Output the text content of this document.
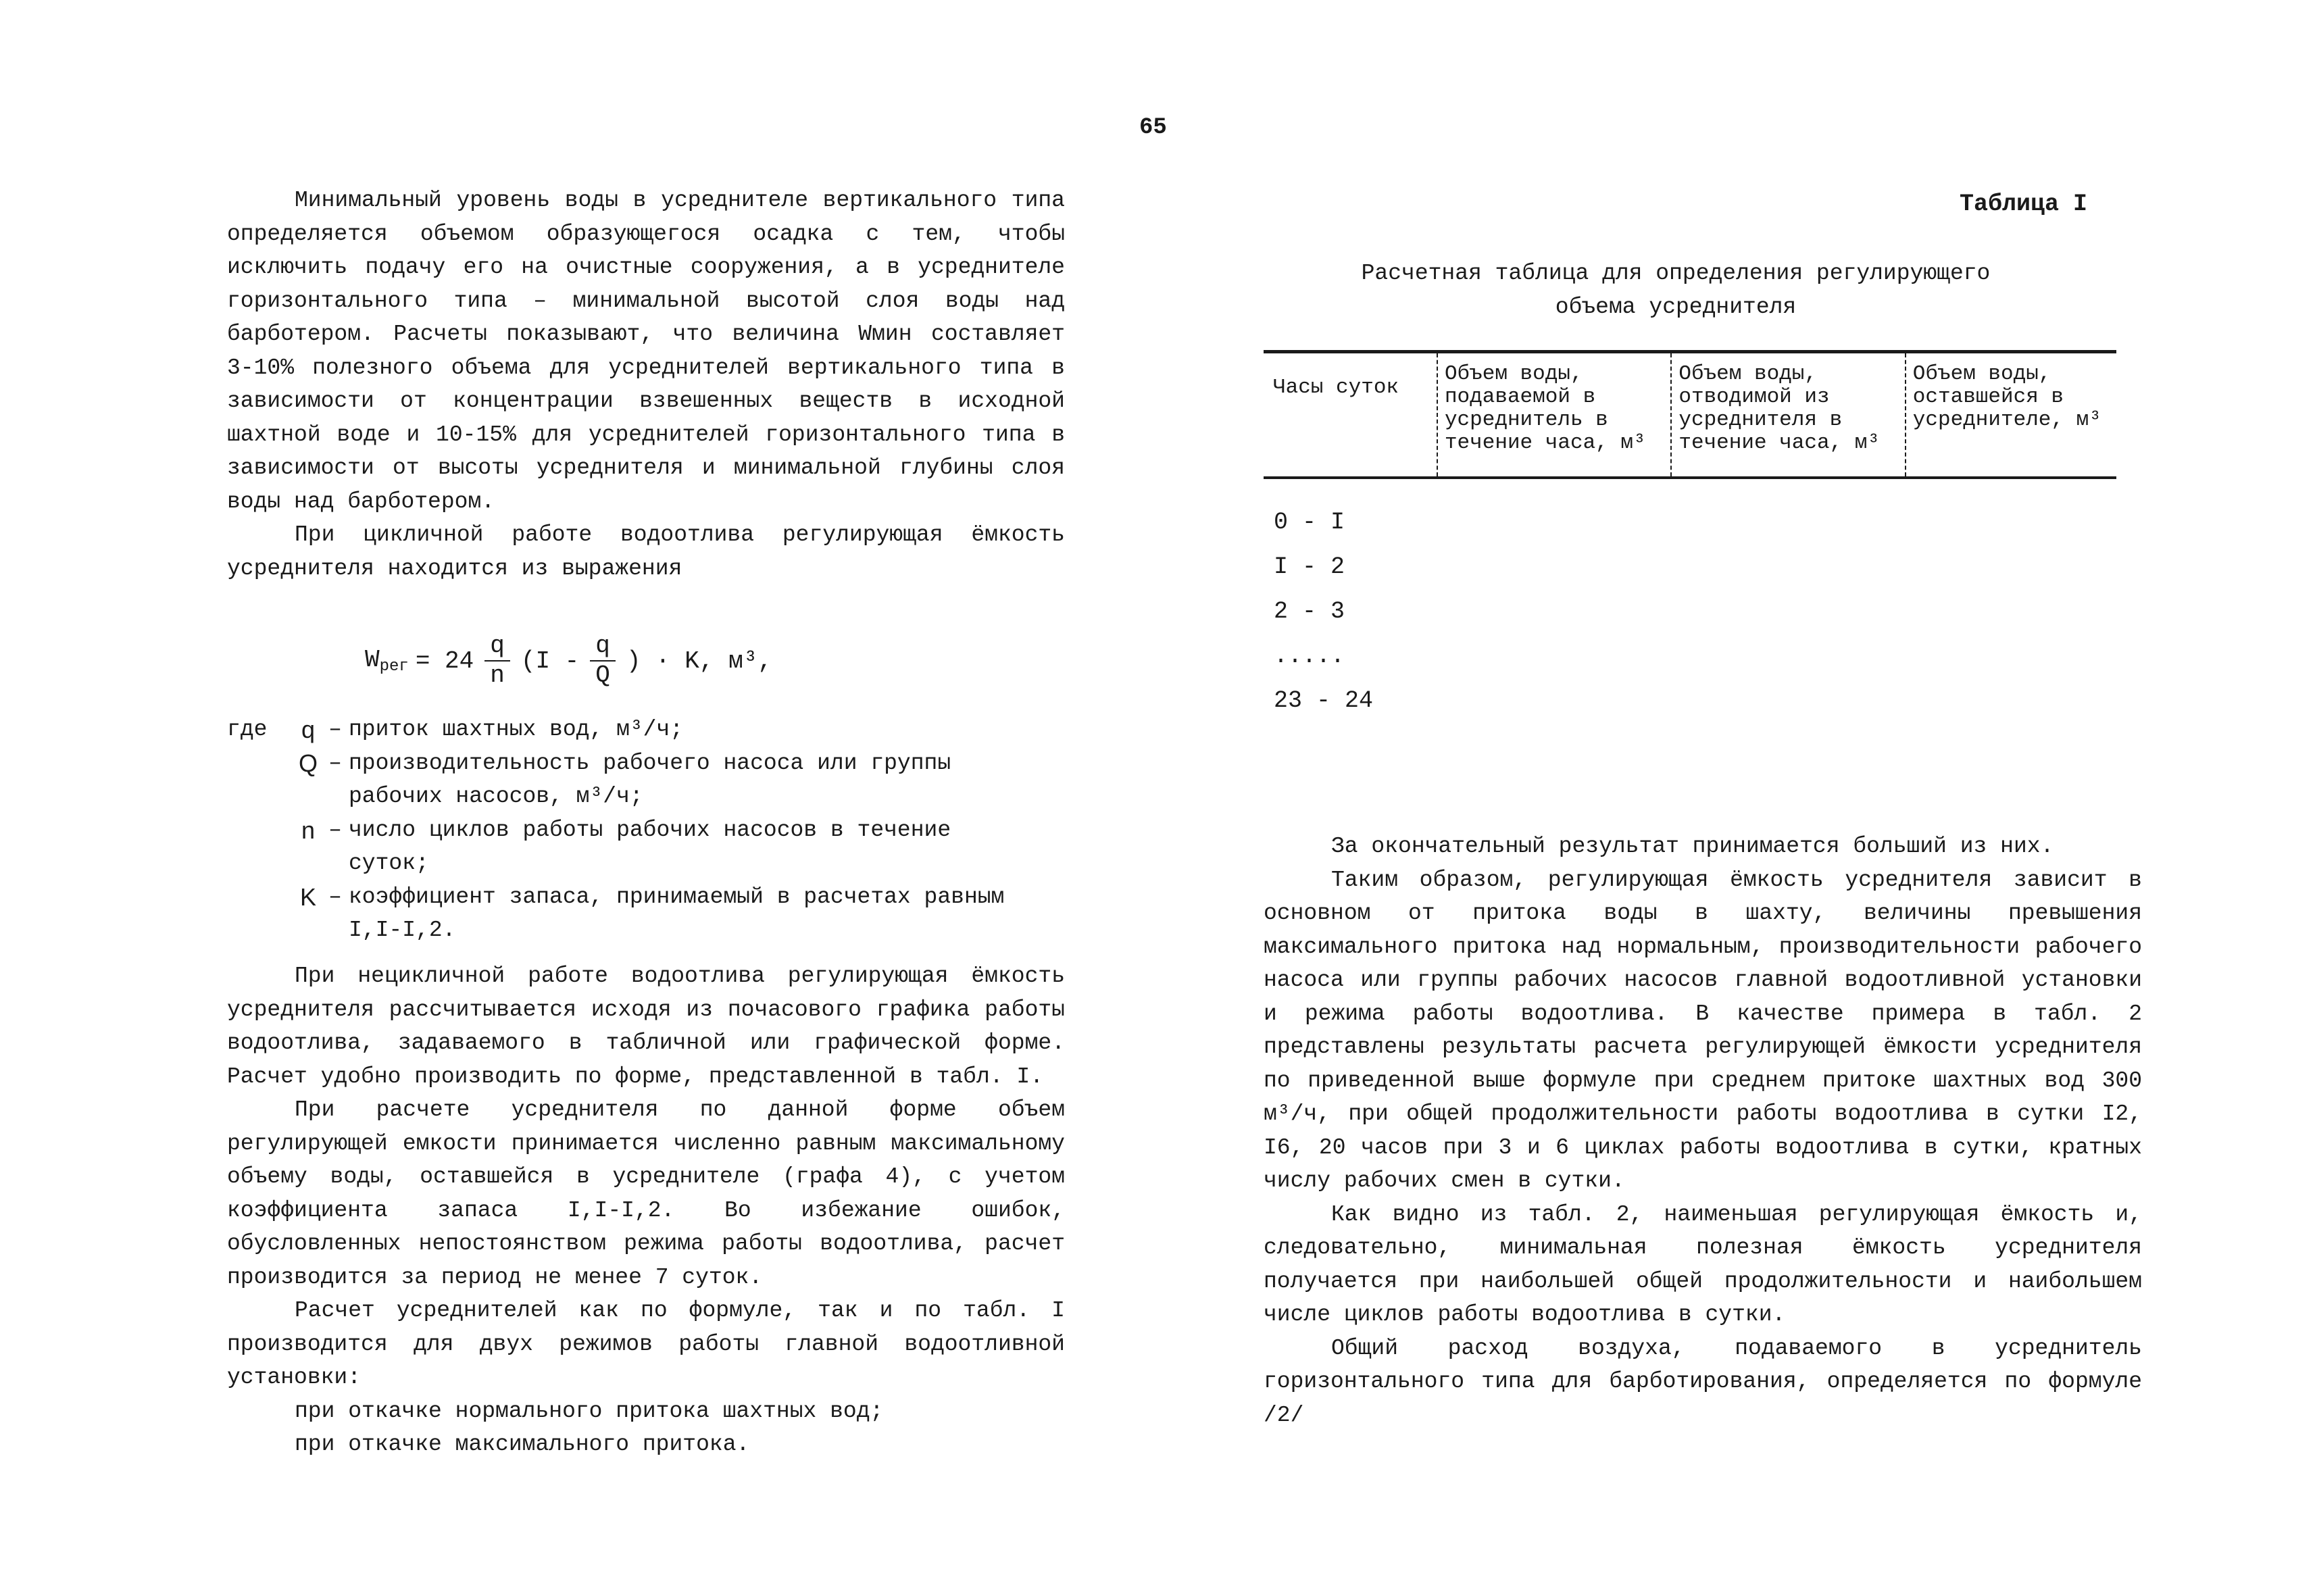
65

Минимальный уровень воды в усреднителе вертикального типа определяется объемом образующегося осадка с тем, чтобы исключить подачу его на очистные сооружения, а в усреднителе горизонтального типа – минимальной высотой слоя воды над барботером. Расчеты показывают, что величина Wмин составляет 3-10% полезного объема для усреднителей вертикального типа в зависимости от концентрации взвешенных веществ в исходной шахтной воде и 10-15% для усреднителей горизонтального типа в зависимости от высоты усреднителя и минимальной глубины слоя воды над барботером.

При цикличной работе водоотлива регулирующая ёмкость усреднителя находится из выражения

$W_{рег} = 24 \frac{q}{n} (I - \frac{q}{Q}$ ) · K, м³,
где	q – приток шахтных вод, м³/ч;
Q – производительность рабочего насоса или группы рабочих насосов, м³/ч;
n – число циклов работы рабочих насосов в течение суток;
K – коэффициент запаса, принимаемый в расчетах равным I,I-I,2.

При нецикличной работе водоотлива регулирующая ёмкость усреднителя рассчитывается исходя из почасового графика работы водоотлива, задаваемого в табличной или графической форме. Расчет удобно производить по форме, представленной в табл. I.

При расчете усреднителя по данной форме объем регулирующей емкости принимается численно равным максимальному объему воды, оставшейся в усреднителе (графа 4), с учетом коэффициента запаса I,I-I,2. Во избежание ошибок, обусловленных непостоянством режима работы водоотлива, расчет производится за период не менее 7 суток.

Расчет усреднителей как по формуле, так и по табл. I производится для двух режимов работы главной водоотливной установки:

при откачке нормального притока шахтных вод;
при откачке максимального притока.
Таблица I
Расчетная таблица для определения регулирующего
объема усреднителя
Часы суток	Объем воды, подаваемой в усреднитель в течение часа, м³	Объем воды, отводимой из усреднителя в течение часа, м³	Объем воды, оставшейся в усреднителе, м³
0 - I
I - 2
2 - 3
.....
23 - 24

За окончательный результат принимается больший из них.

Таким образом, регулирующая ёмкость усреднителя зависит в основном от притока воды в шахту, величины превышения максимального притока над нормальным, производительности рабочего насоса или группы рабочих насосов главной водоотливной установки и режима работы водоотлива. В качестве примера в табл. 2 представлены результаты расчета регулирующей ёмкости усреднителя по приведенной выше формуле при среднем притоке шахтных вод 300 м³/ч, при общей продолжительности работы водоотлива в сутки I2, I6, 20 часов при 3 и 6 циклах работы водоотлива в сутки, кратных числу рабочих смен в сутки.

Как видно из табл. 2, наименьшая регулирующая ёмкость и, следовательно, минимальная полезная ёмкость усреднителя получается при наибольшей общей продолжительности и наибольшем числе циклов работы водоотлива в сутки.

Общий расход воздуха, подаваемого в усреднитель горизонтального типа для барботирования, определяется по формуле /2/
